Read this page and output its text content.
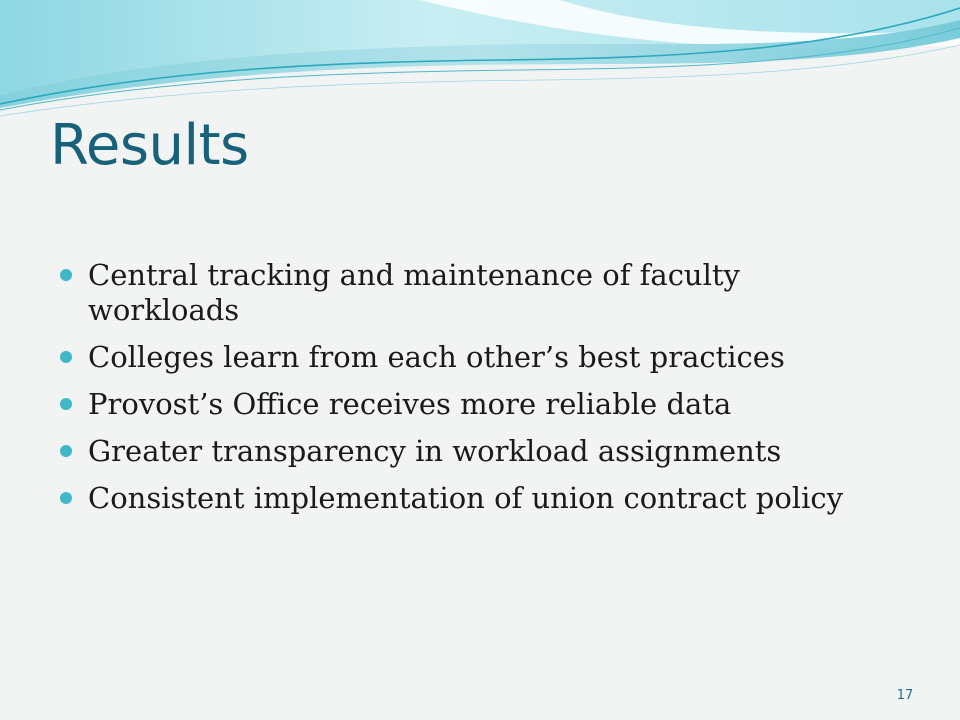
Results
Central tracking and maintenance of faculty workloads
Colleges learn from each other’s best practices
Provost’s Office receives more reliable data
Greater transparency in workload assignments
Consistent implementation of union contract policy
17
